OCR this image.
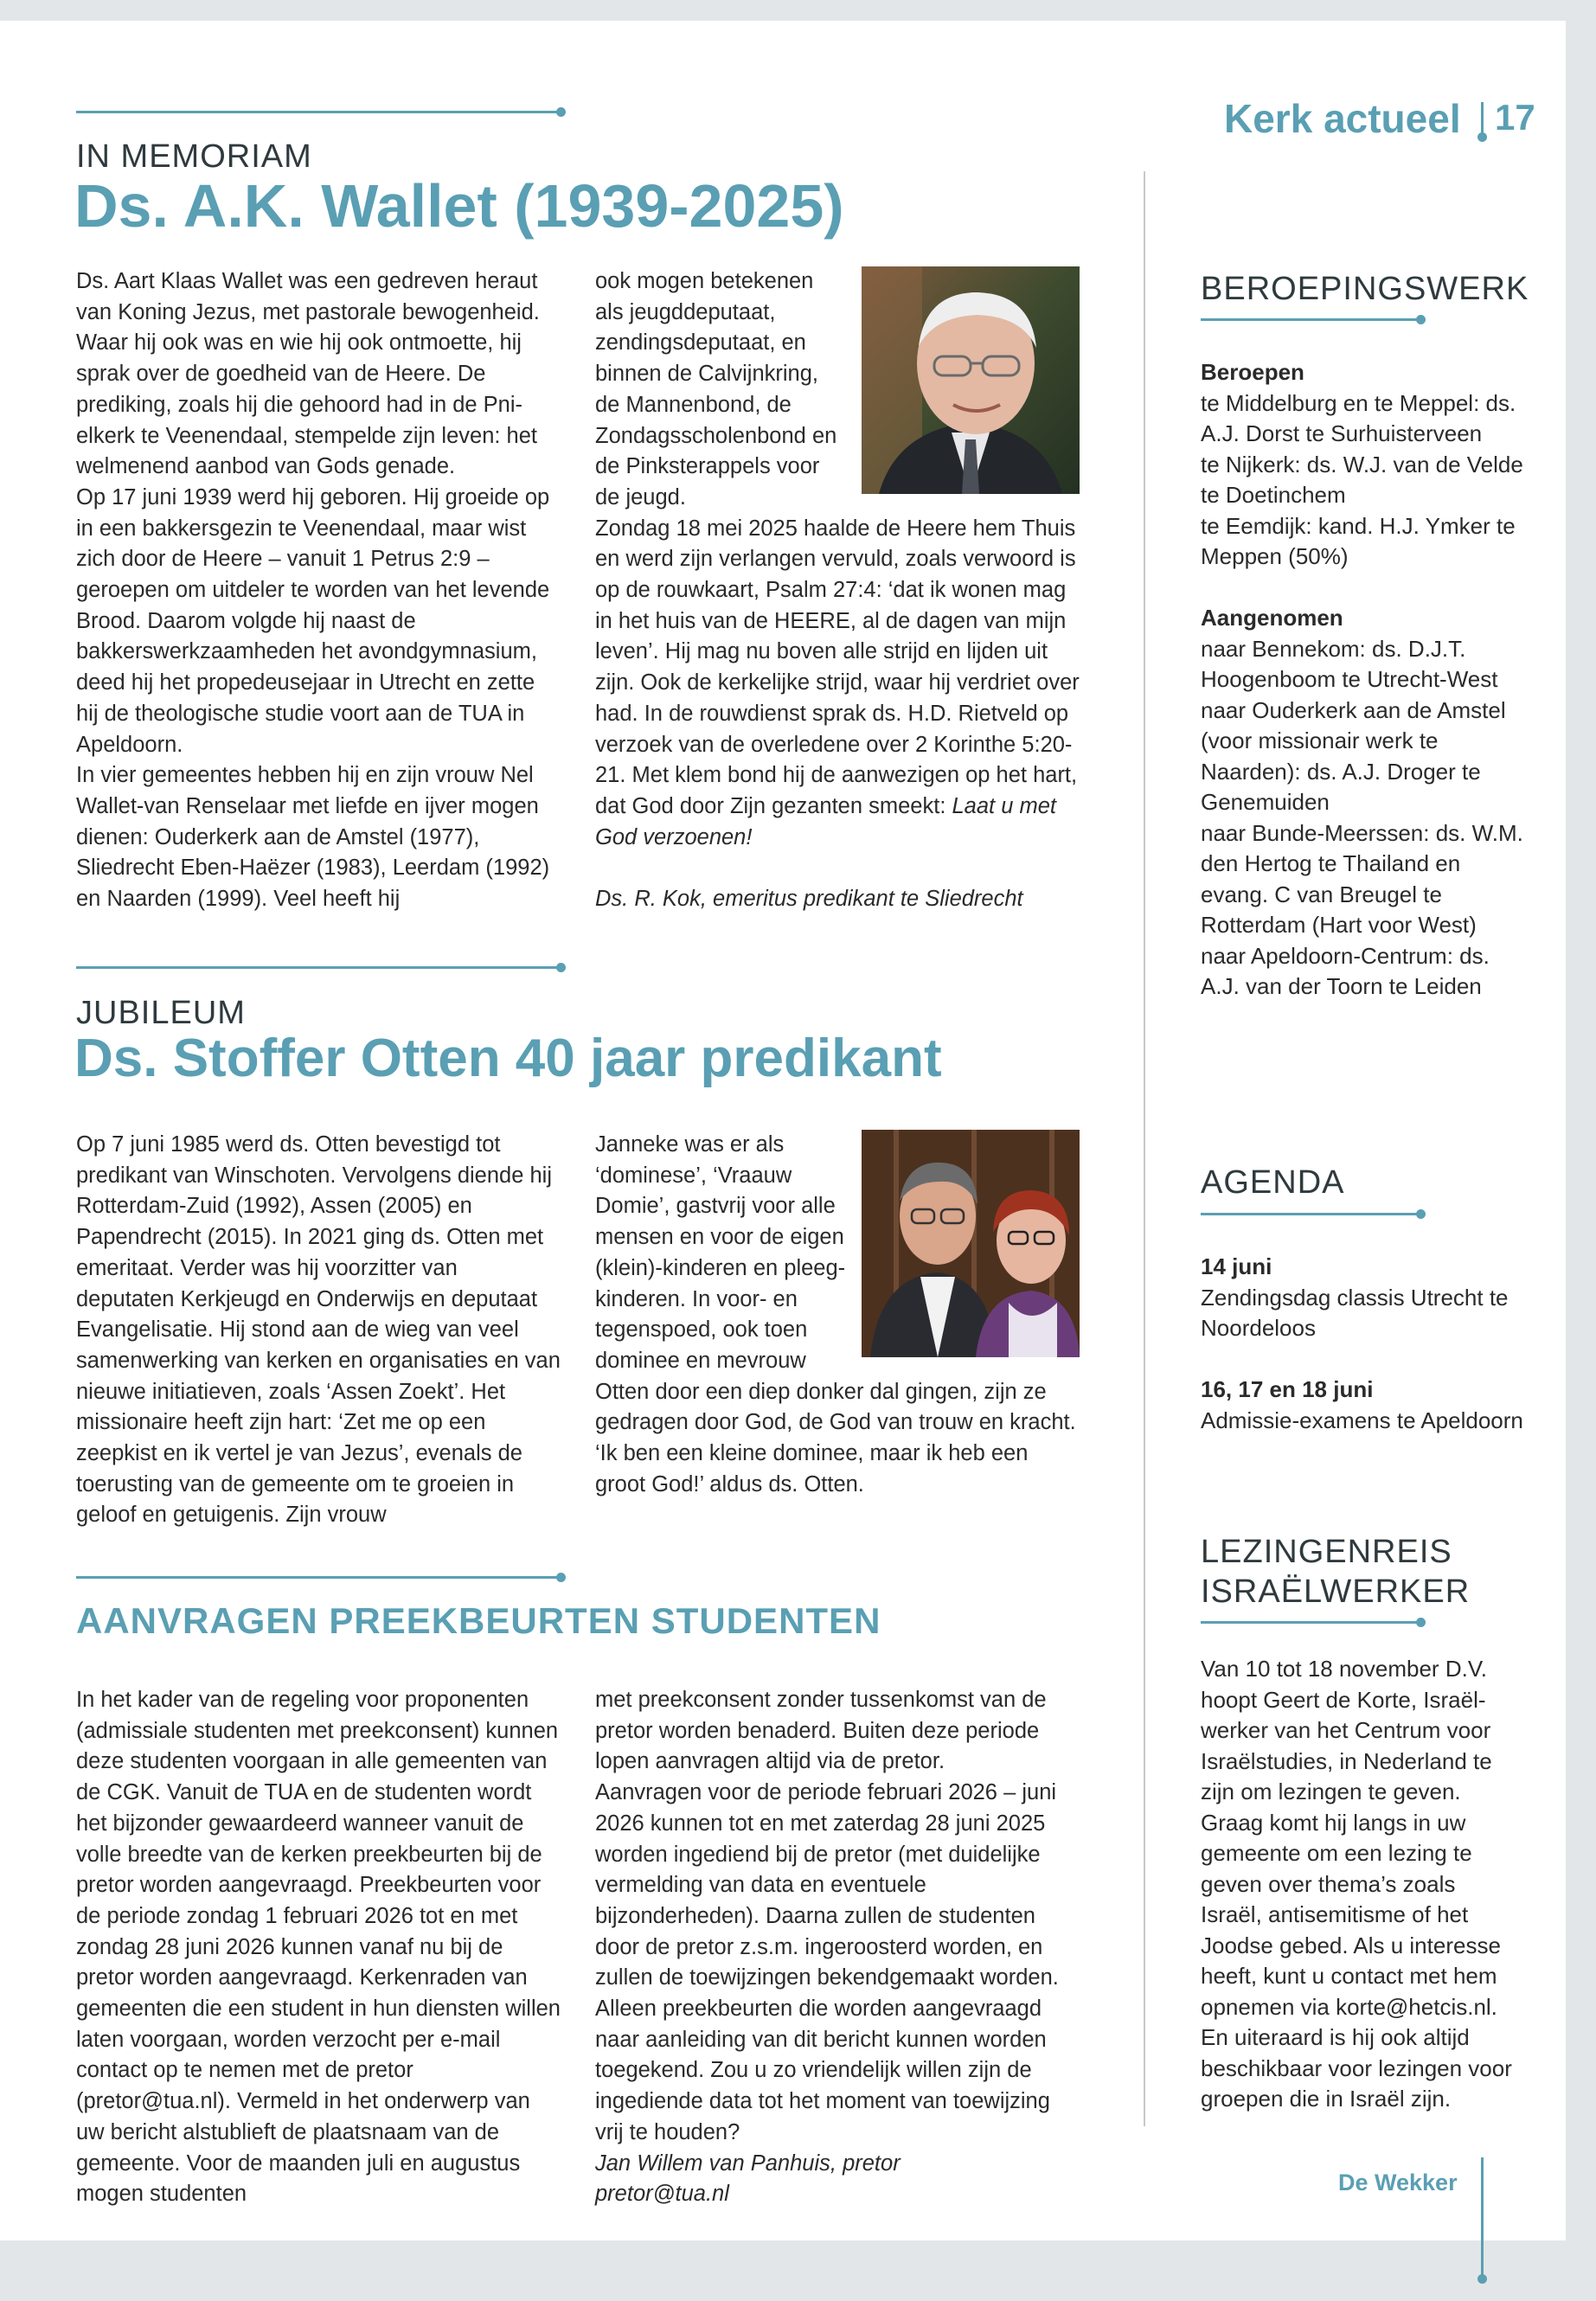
Kerk actueel 17
IN MEMORIAM
Ds. A.K. Wallet (1939-2025)

Ds. Aart Klaas Wallet was een gedreven heraut van Koning Jezus, met pastorale bewogenheid. Waar hij ook was en wie hij ook ontmoette, hij sprak over de goedheid van de Heere. De prediking, zoals hij die gehoord had in de Pnielkerk te Veenendaal, stempelde zijn leven: het welmenend aanbod van Gods genade.

Op 17 juni 1939 werd hij geboren. Hij groeide op in een bakkersgezin te Veenendaal, maar wist zich door de Heere – vanuit 1 Petrus 2:9 – geroepen om uitdeler te worden van het levende Brood. Daarom volgde hij naast de bakkerswerkzaamheden het avondgymnasium, deed hij het propedeusejaar in Utrecht en zette hij de theologische studie voort aan de TUA in Apeldoorn.

In vier gemeentes hebben hij en zijn vrouw Nel Wallet-van Renselaar met liefde en ijver mogen dienen: Ouderkerk aan de Amstel (1977), Sliedrecht Eben-Haëzer (1983), Leerdam (1992) en Naarden (1999). Veel heeft hij

ook mogen betekenen als jeugddeputaat, zendingsdeputaat, en binnen de Calvijnkring, de Mannenbond, de Zondagsscholenbond en de Pinksterappels voor de jeugd.

Zondag 18 mei 2025 haalde de Heere hem Thuis en werd zijn verlangen vervuld, zoals verwoord is op de rouwkaart, Psalm 27:4: ‘dat ik wonen mag in het huis van de HEERE, al de dagen van mijn leven’. Hij mag nu boven alle strijd en lijden uit zijn. Ook de kerkelijke strijd, waar hij verdriet over had. In de rouwdienst sprak ds. H.D. Rietveld op verzoek van de overledene over 2 Korinthe 5:20-21. Met klem bond hij de aanwezigen op het hart, dat God door Zijn gezanten smeekt: Laat u met God verzoenen!

Ds. R. Kok, emeritus predikant te Sliedrecht

JUBILEUM
Ds. Stoffer Otten 40 jaar predikant

Op 7 juni 1985 werd ds. Otten bevestigd tot predikant van Winschoten. Vervolgens diende hij Rotterdam-Zuid (1992), Assen (2005) en Papendrecht (2015). In 2021 ging ds. Otten met emeritaat. Verder was hij voorzitter van deputaten Kerkjeugd en Onderwijs en deputaat Evangelisatie. Hij stond aan de wieg van veel samenwerking van kerken en organisaties en van nieuwe initiatieven, zoals ‘Assen Zoekt’. Het missionaire heeft zijn hart: ‘Zet me op een zeepkist en ik vertel je van Jezus’, evenals de toerusting van de gemeente om te groeien in geloof en getuigenis. Zijn vrouw

Janneke was er als ‘dominese’, ‘Vraauw Domie’, gastvrij voor alle mensen en voor de eigen (klein)-kinderen en pleegkinderen. In voor- en tegenspoed, ook toen dominee en mevrouw Otten door een diep donker dal gingen, zijn ze gedragen door God, de God van trouw en kracht. ‘Ik ben een kleine dominee, maar ik heb een groot God!’ aldus ds. Otten.

AANVRAGEN PREEKBEURTEN STUDENTEN

In het kader van de regeling voor proponenten (admissiale studenten met preekconsent) kunnen deze studenten voorgaan in alle gemeenten van de CGK. Vanuit de TUA en de studenten wordt het bijzonder gewaardeerd wanneer vanuit de volle breedte van de kerken preekbeurten bij de pretor worden aangevraagd. Preekbeurten voor de periode zondag 1 februari 2026 tot en met zondag 28 juni 2026 kunnen vanaf nu bij de pretor worden aangevraagd. Kerkenraden van gemeenten die een student in hun diensten willen laten voorgaan, worden verzocht per e-mail contact op te nemen met de pretor (pretor@tua.nl). Vermeld in het onderwerp van uw bericht alstublieft de plaatsnaam van de gemeente. Voor de maanden juli en augustus mogen studenten

met preekconsent zonder tussenkomst van de pretor worden benaderd. Buiten deze periode lopen aanvragen altijd via de pretor.

Aanvragen voor de periode februari 2026 – juni 2026 kunnen tot en met zaterdag 28 juni 2025 worden ingediend bij de pretor (met duidelijke vermelding van data en eventuele bijzonderheden). Daarna zullen de studenten door de pretor z.s.m. ingeroosterd worden, en zullen de toewijzingen bekendgemaakt worden. Alleen preekbeurten die worden aangevraagd naar aanleiding van dit bericht kunnen worden toegekend. Zou u zo vriendelijk willen zijn de ingediende data tot het moment van toewijzing vrij te houden?

Jan Willem van Panhuis, pretor

pretor@tua.nl

BEROEPINGSWERK

Beroepen

te Middelburg en te Meppel: ds. A.J. Dorst te Surhuisterveen

te Nijkerk: ds. W.J. van de Velde te Doetinchem

te Eemdijk: kand. H.J. Ymker te Meppen (50%)

Aangenomen

naar Bennekom: ds. D.J.T. Hoogenboom te Utrecht-West

naar Ouderkerk aan de Amstel (voor missionair werk te Naarden): ds. A.J. Droger te Genemuiden

naar Bunde-Meerssen: ds. W.M. den Hertog te Thailand en evang. C van Breugel te Rotterdam (Hart voor West)

naar Apeldoorn-Centrum: ds. A.J. van der Toorn te Leiden

AGENDA

14 juni

Zendingsdag classis Utrecht te Noordeloos

16, 17 en 18 juni

Admissie-examens te Apeldoorn

LEZINGENREIS
ISRAËLWERKER

Van 10 tot 18 november D.V. hoopt Geert de Korte, Israëlwerker van het Centrum voor Israëlstudies, in Nederland te zijn om lezingen te geven. Graag komt hij langs in uw gemeente om een lezing te geven over thema’s zoals Israël, antisemitisme of het Joodse gebed. Als u interesse heeft, kunt u contact met hem opnemen via korte@hetcis.nl. En uiteraard is hij ook altijd beschikbaar voor lezingen voor groepen die in Israël zijn.

De Wekker
